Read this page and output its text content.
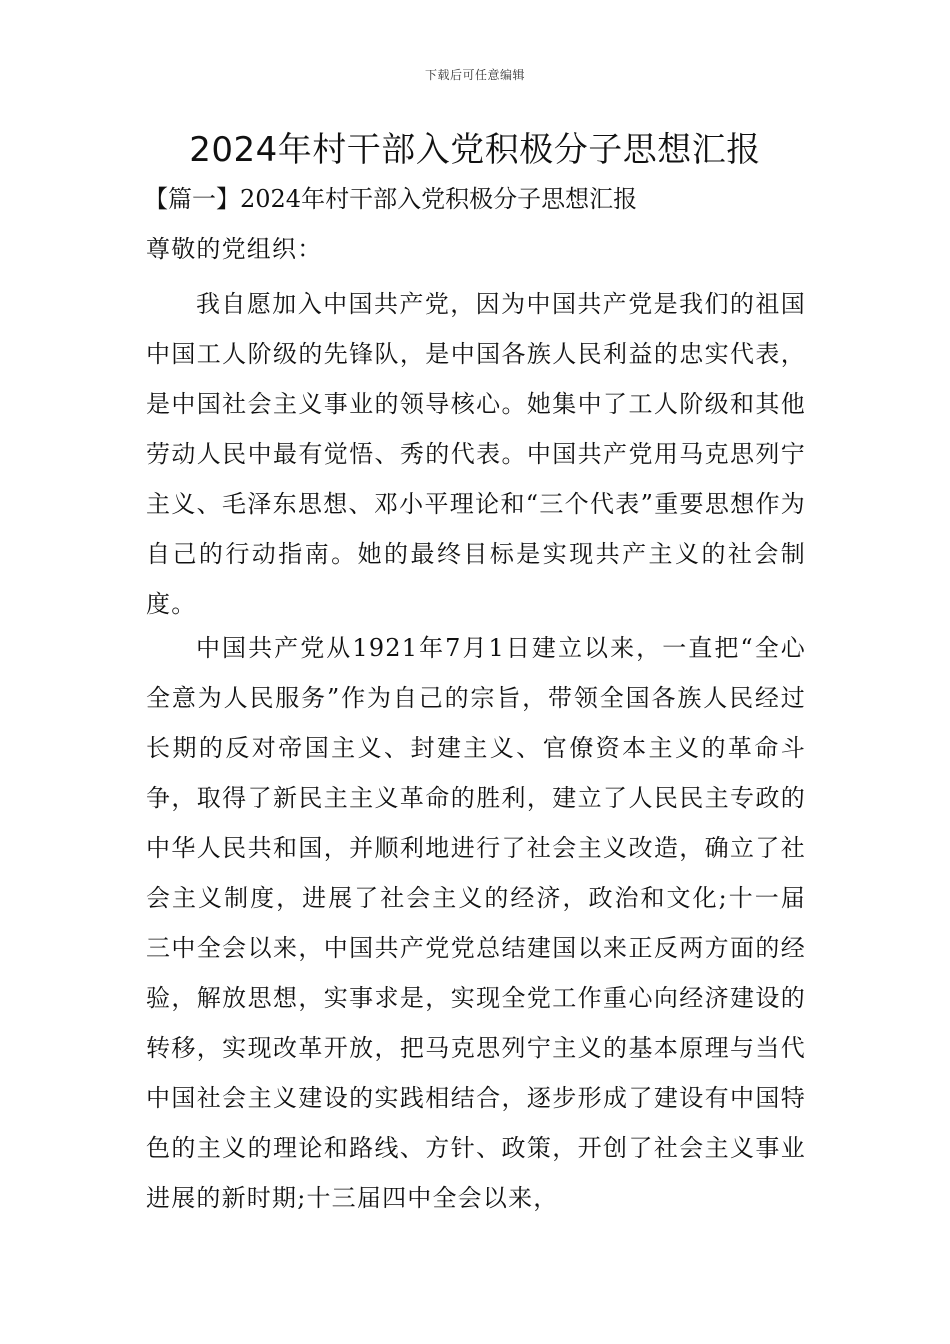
下载后可任意编辑
2024年村干部入党积极分子思想汇报
【篇一】2024年村干部入党积极分子思想汇报
尊敬的党组织：

我自愿加入中国共产党，因为中国共产党是我们的祖国中国工人阶级的先锋队，是中国各族人民利益的忠实代表，是中国社会主义事业的领导核心。她集中了工人阶级和其他劳动人民中最有觉悟、秀的代表。中国共产党用马克思列宁主义、毛泽东思想、邓小平理论和“三个代表”重要思想作为自己的行动指南。她的最终目标是实现共产主义的社会制度。

中国共产党从1921年7月1日建立以来，一直把“全心全意为人民服务”作为自己的宗旨，带领全国各族人民经过长期的反对帝国主义、封建主义、官僚资本主义的革命斗争，取得了新民主主义革命的胜利，建立了人民民主专政的中华人民共和国，并顺利地进行了社会主义改造，确立了社会主义制度，进展了社会主义的经济，政治和文化;十一届三中全会以来，中国共产党党总结建国以来正反两方面的经验，解放思想，实事求是，实现全党工作重心向经济建设的转移，实现改革开放，把马克思列宁主义的基本原理与当代中国社会主义建设的实践相结合，逐步形成了建设有中国特色的主义的理论和路线、方针、政策，开创了社会主义事业进展的新时期;十三届四中全会以来，
